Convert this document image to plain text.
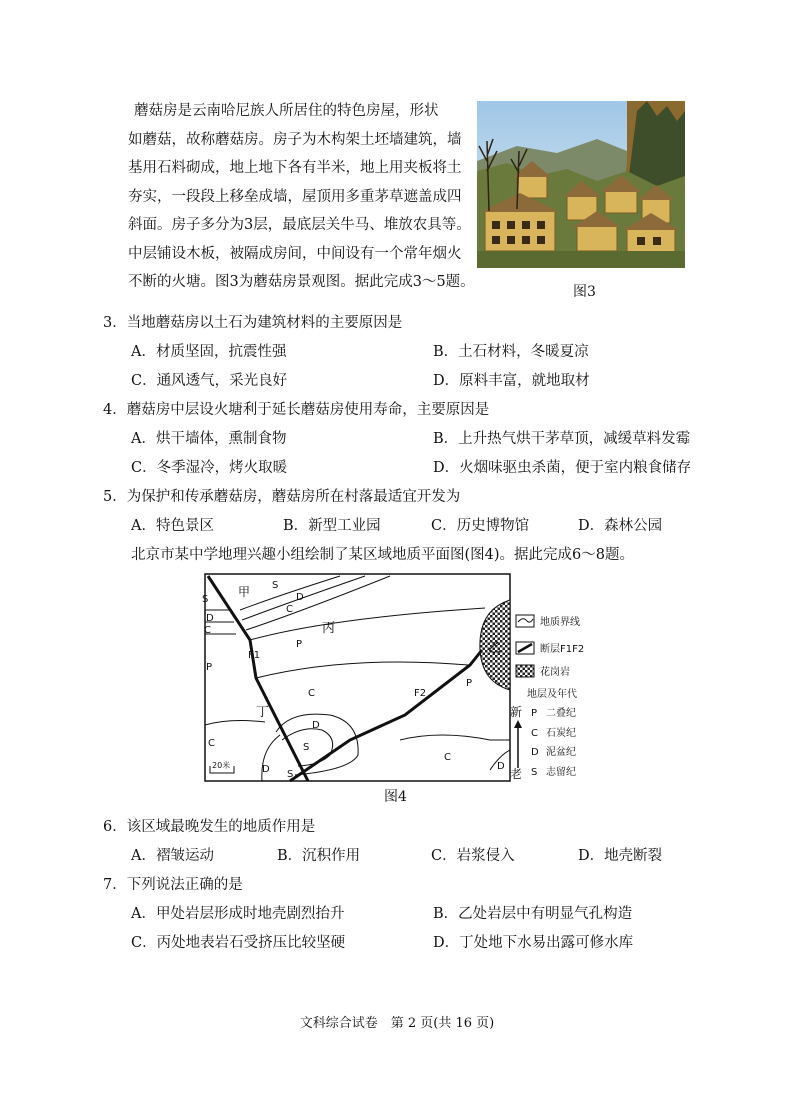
蘑菇房是云南哈尼族人所居住的特色房屋，形状
如蘑菇，故称蘑菇房。房子为木构架土坯墙建筑，墙
基用石料砌成，地上地下各有半米，地上用夹板将土
夯实，一段段上移垒成墙，屋顶用多重茅草遮盖成四
斜面。房子多分为3层，最底层关牛马、堆放农具等。
中层铺设木板，被隔成房间，中间设有一个常年烟火
不断的火塘。图3为蘑菇房景观图。据此完成3～5题。
图3
3．当地蘑菇房以土石为建筑材料的主要原因是
A．材质坚固，抗震性强	B．土石材料，冬暖夏凉
C．通风透气，采光良好	D．原料丰富，就地取材
4．蘑菇房中层设火塘利于延长蘑菇房使用寿命，主要原因是
A．烘干墙体，熏制食物	B．上升热气烘干茅草顶，减缓草料发霉
C．冬季湿冷，烤火取暖	D．火烟味驱虫杀菌，便于室内粮食储存
5．为保护和传承蘑菇房，蘑菇房所在村落最适宜开发为
A．特色景区	B．新型工业园	C．历史博物馆	D．森林公园
北京市某中学地理兴趣小组绘制了某区域地质平面图(图4)。据此完成6～8题。
甲
乙
丙
丁
F1
F2
S
D
C
P
S
D
C
P
C
P
D
S
C
D S
C
D
20米
地质界线
断层F1F2
花岗岩
地层及年代
新
老
P 二叠纪
C 石炭纪
D 泥盆纪
S 志留纪
图4
6．该区域最晚发生的地质作用是
A．褶皱运动	B．沉积作用	C．岩浆侵入	D．地壳断裂
7．下列说法正确的是
A．甲处岩层形成时地壳剧烈抬升	B．乙处岩层中有明显气孔构造
C．丙处地表岩石受挤压比较坚硬	D．丁处地下水易出露可修水库
文科综合试卷　第 2 页(共 16 页)
